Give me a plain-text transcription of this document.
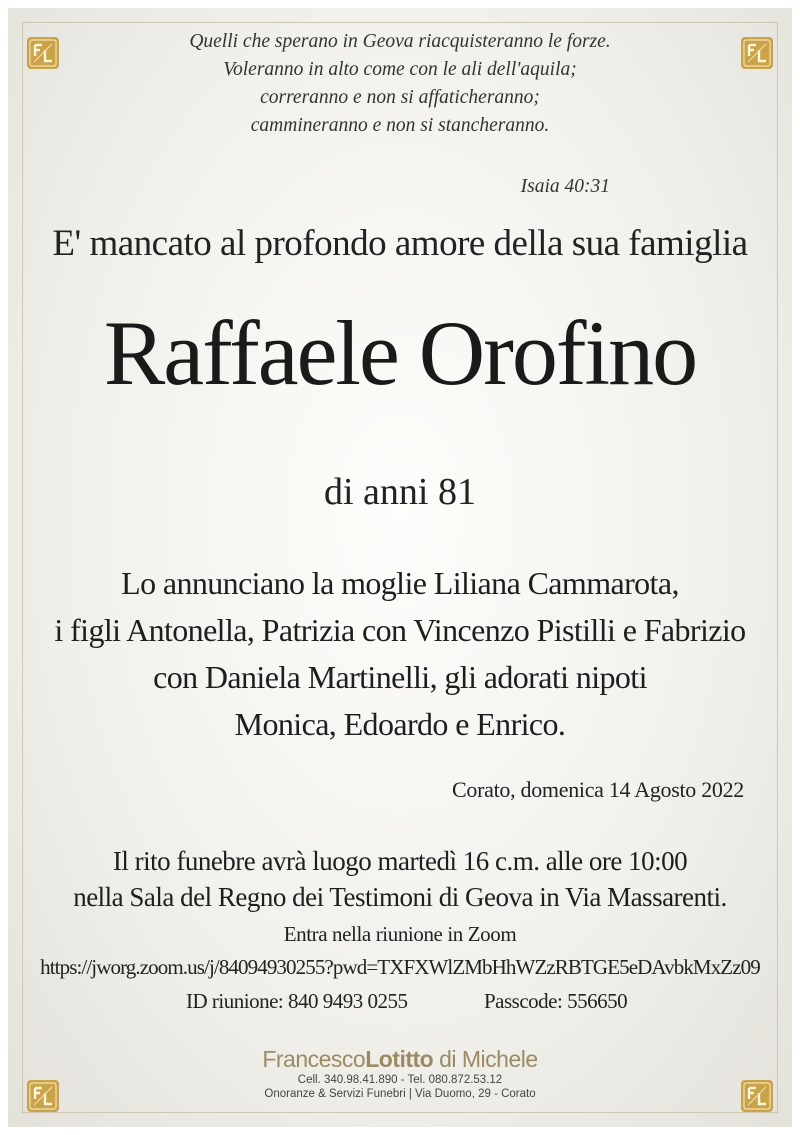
Quelli che sperano in Geova riacquisteranno le forze.
Voleranno in alto come con le ali dell'aquila;
correranno e non si affaticheranno;
cammineranno e non si stancheranno.
Isaia 40:31
E' mancato al profondo amore della sua famiglia
Raffaele Orofino
di anni 81
Lo annunciano la moglie Liliana Cammarota,
i figli Antonella, Patrizia con Vincenzo Pistilli e Fabrizio
con Daniela Martinelli, gli adorati nipoti
Monica, Edoardo e Enrico.
Corato, domenica 14 Agosto 2022
Il rito funebre avrà luogo martedì 16 c.m. alle ore 10:00
nella Sala del Regno dei Testimoni di Geova in Via Massarenti.
Entra nella riunione in Zoom
https://jworg.zoom.us/j/84094930255?pwd=TXFXWlZMbHhWZzRBTGE5eDAvbkMxZz09
ID riunione: 840 9493 0255	Passcode: 556650
FrancescoLotitto di Michele
Cell. 340.98.41.890 - Tel. 080.872.53.12
Onoranze & Servizi Funebri | Via Duomo, 29 - Corato
